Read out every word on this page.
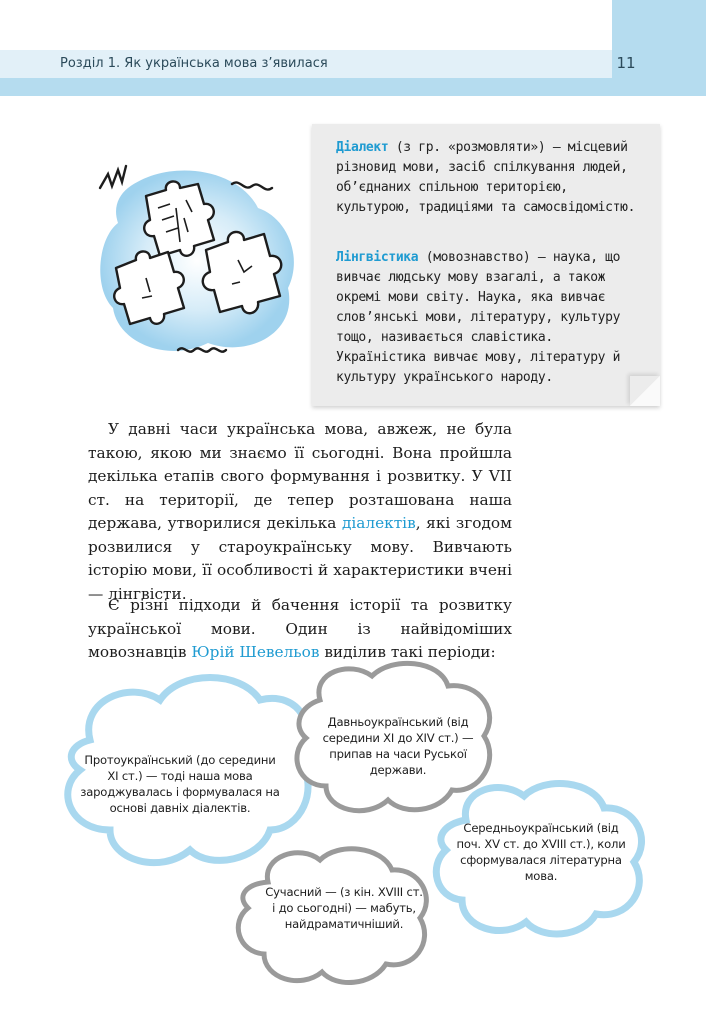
Розділ 1. Як українська мова з’явилася	11
Діалект (з гр. «розмовляти») — місцевий різновид мови, засіб спілкування людей, об’єднаних спільною територією, культурою, традиціями та самосвідомістю.
Лінгвістика (мовознавство) — наука, що вивчає людську мову взагалі, а також окремі мови світу. Наука, яка вивчає слов’янські мови, літературу, культуру тощо, називається славістика. Україністика вивчає мову, літературу й культуру українського народу.

У давні часи українська мова, авжеж, не була такою, якою ми знаємо її сьогодні. Вона пройшла декілька етапів свого формування і розвитку. У VII ст. на території, де тепер розташована наша держава, утворилися декілька діалектів, які згодом розвилися у староукраїнську мову. Вивчають історію мови, її особливості й характеристики вчені — лінгвісти.

Є різні підходи й бачення історії та розвитку української мови. Один із найвідоміших мовознавців Юрій Шевельов виділив такі періоди:

Протоукраїнський (до середини XI ст.) — тоді наша мова зароджувалась і формувалася на основі давніх діалектів.
Давньоукраїнський (від середини XI до XIV ст.) — припав на часи Руської держави.
Середньоукраїнський (від поч. XV ст. до XVIII ст.), коли сформувалася літературна мова.
Сучасний — (з кін. XVIII ст. і до сьогодні) — мабуть, найдраматичніший.
